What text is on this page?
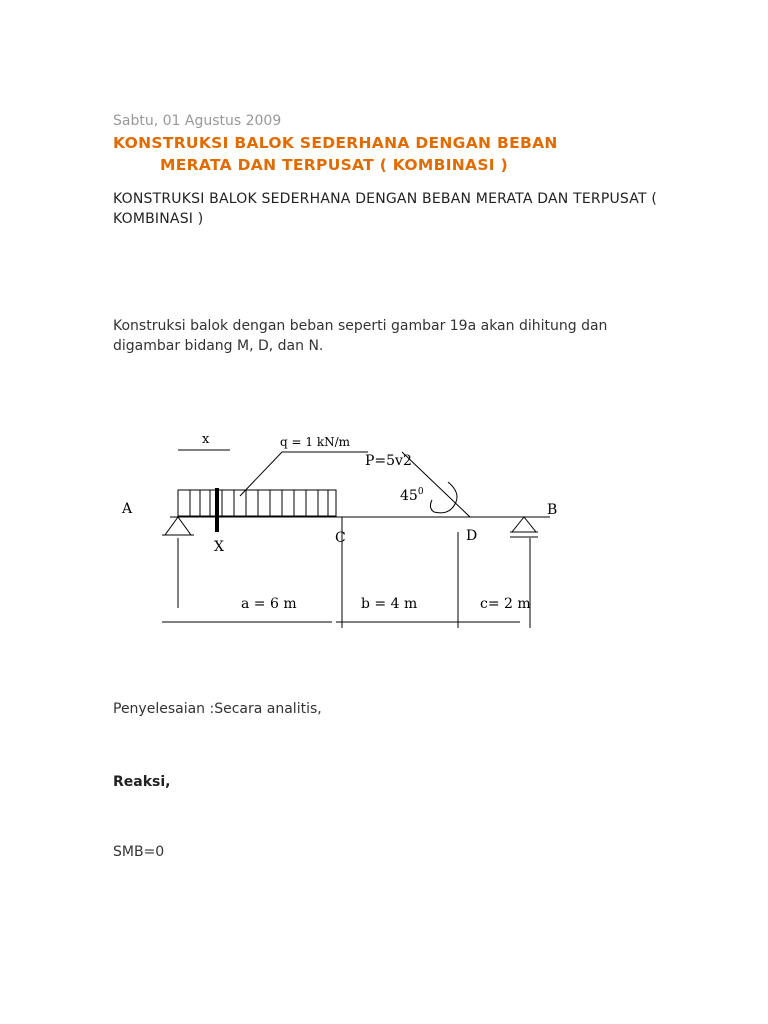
Sabtu, 01 Agustus 2009

KONSTRUKSI BALOK SEDERHANA DENGAN BEBAN
MERATA DAN TERPUSAT ( KOMBINASI )

KONSTRUKSI BALOK SEDERHANA DENGAN BEBAN MERATA DAN TERPUSAT ( KOMBINASI )

Konstruksi balok dengan beban seperti gambar 19a akan dihitung dan digambar bidang M, D, dan N.

x	q = 1 kN/m
P=5v2
$45^0$
A	B
C	D
X
a = 6 m	b = 4 m	c= 2 m

Penyelesaian :Secara analitis,

Reaksi,

SMB=0
